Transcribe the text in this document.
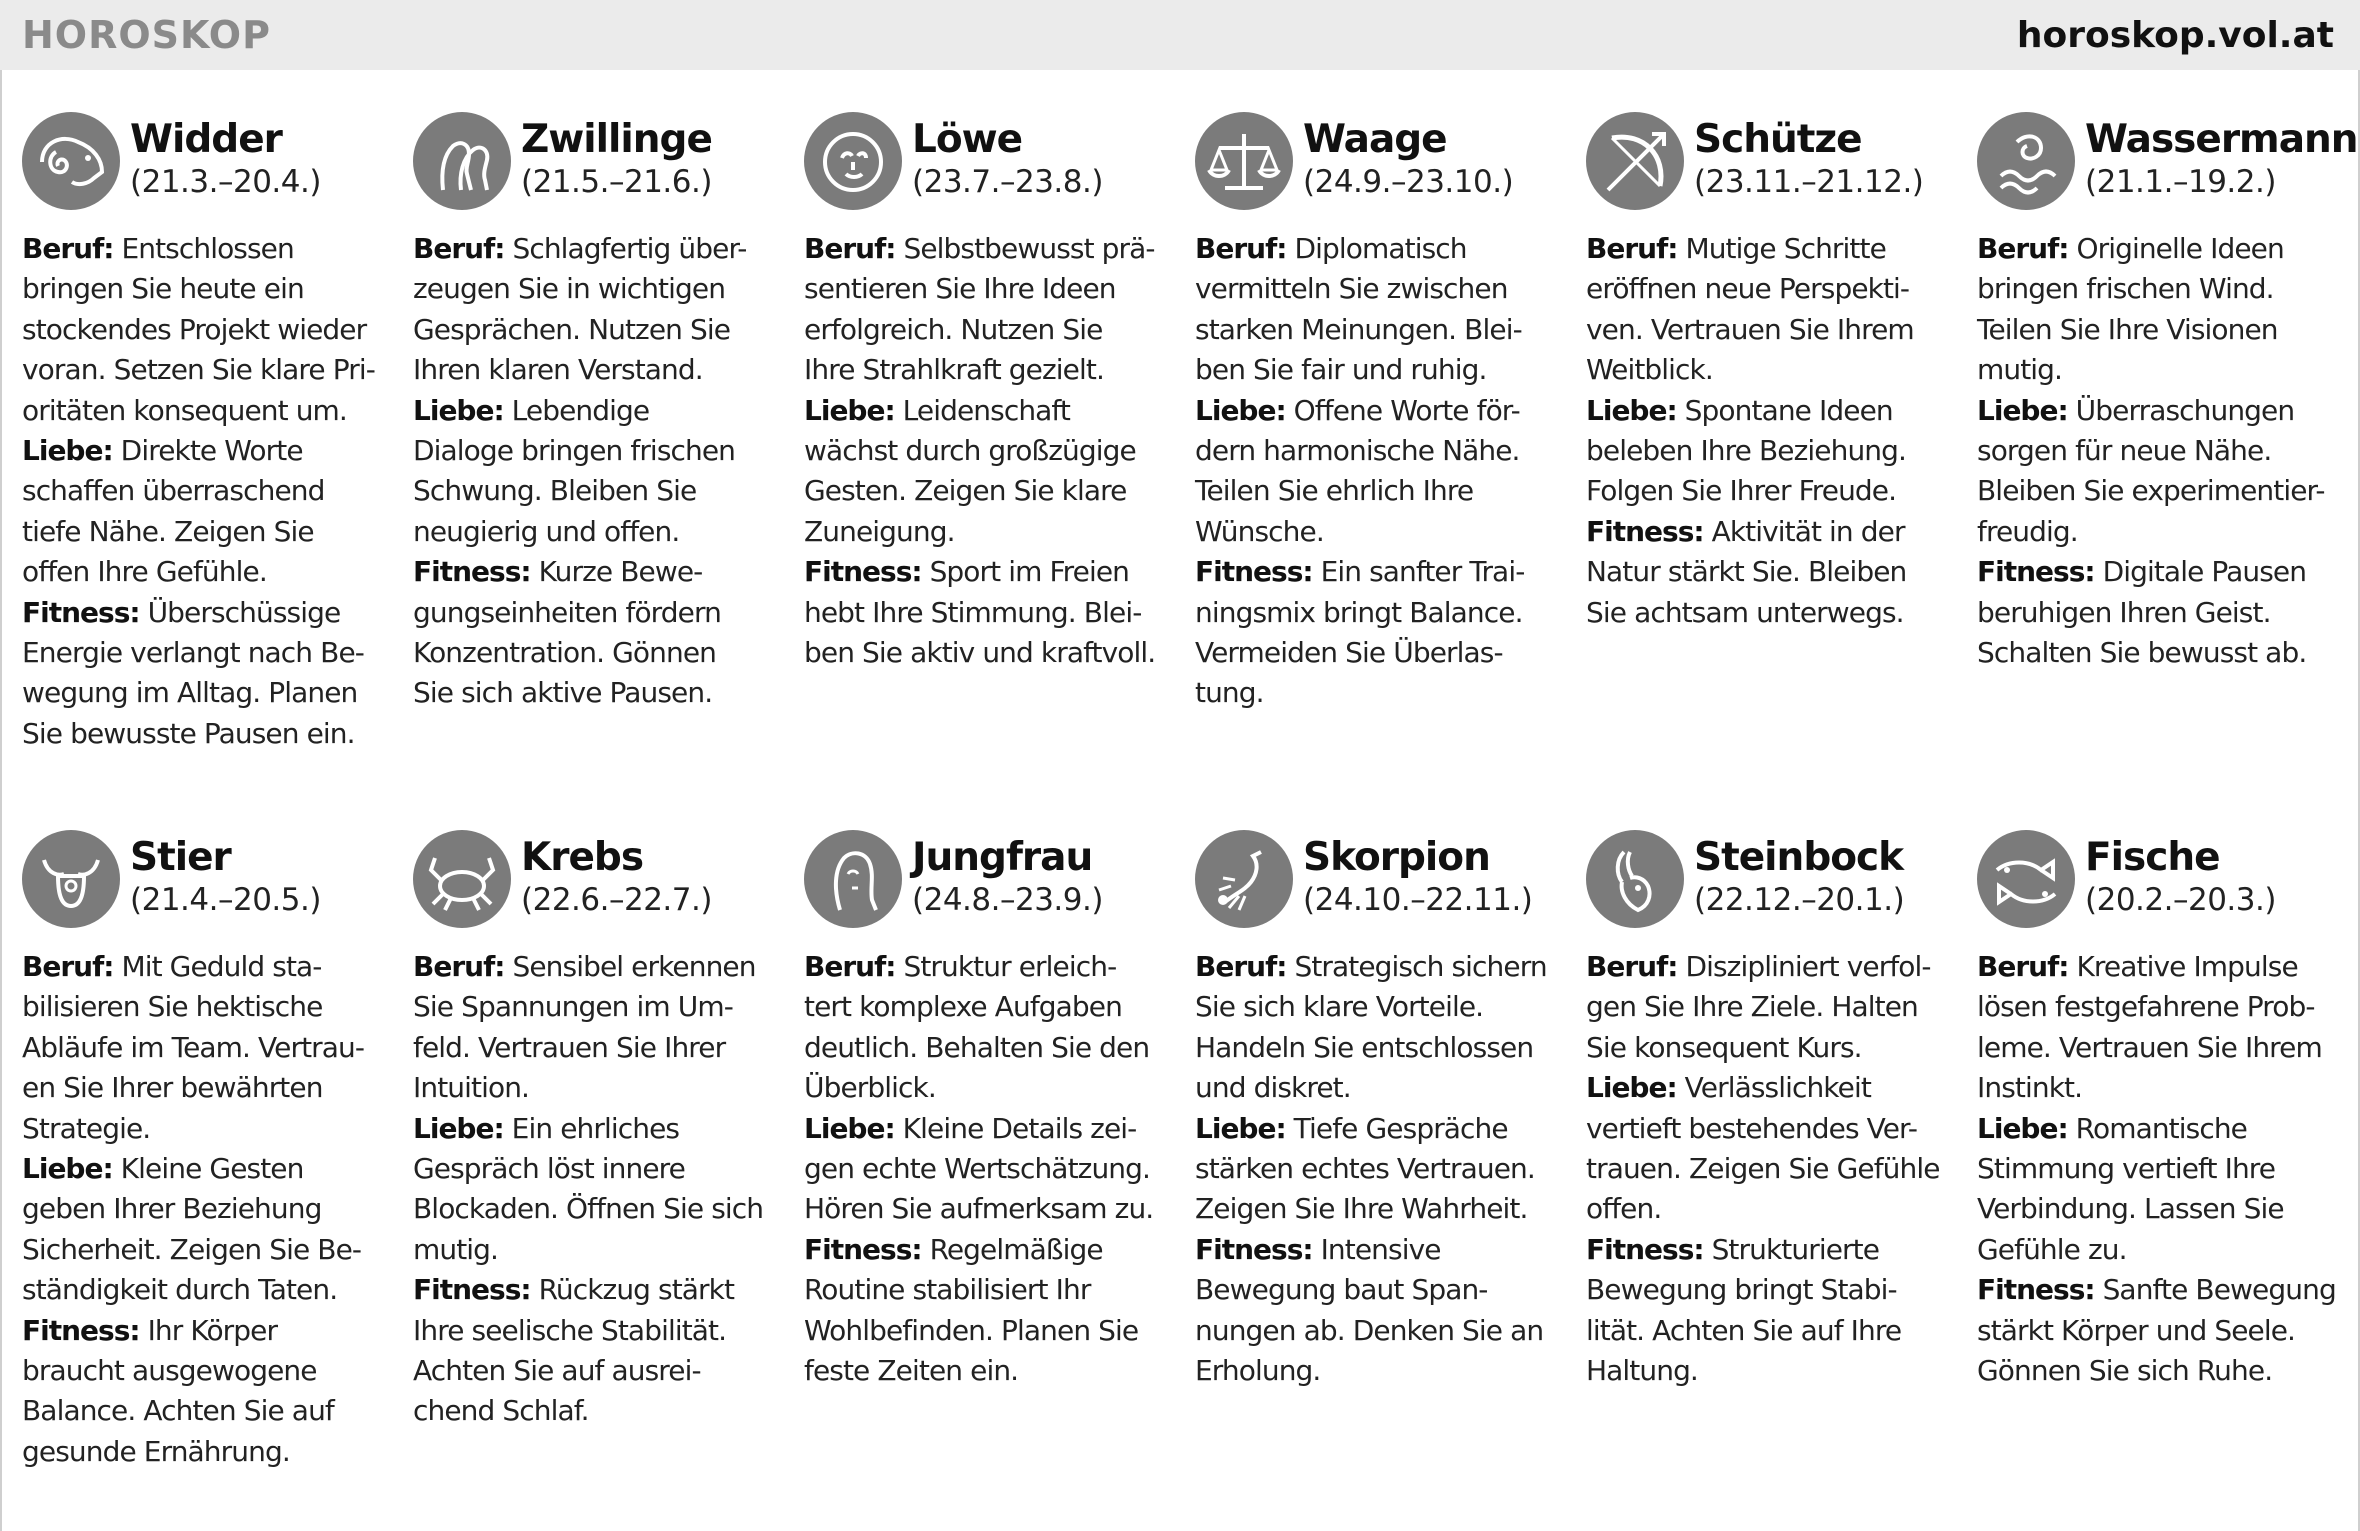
HOROSKOP	horoskop.vol.at
Widder
(21.3.–20.4.)
Beruf: Entschlossen
bringen Sie heute ein
stockendes Projekt wieder
voran. Setzen Sie klare Pri-
oritäten konsequent um.
Liebe: Direkte Worte
schaffen überraschend
tiefe Nähe. Zeigen Sie
offen Ihre Gefühle.
Fitness: Überschüssige
Energie verlangt nach Be-
wegung im Alltag. Planen
Sie bewusste Pausen ein.
Zwillinge
(21.5.–21.6.)
Beruf: Schlagfertig über-
zeugen Sie in wichtigen
Gesprächen. Nutzen Sie
Ihren klaren Verstand.
Liebe: Lebendige
Dialoge bringen frischen
Schwung. Bleiben Sie
neugierig und offen.
Fitness: Kurze Bewe-
gungseinheiten fördern
Konzentration. Gönnen
Sie sich aktive Pausen.
Löwe
(23.7.–23.8.)
Beruf: Selbstbewusst prä-
sentieren Sie Ihre Ideen
erfolgreich. Nutzen Sie
Ihre Strahlkraft gezielt.
Liebe: Leidenschaft
wächst durch großzügige
Gesten. Zeigen Sie klare
Zuneigung.
Fitness: Sport im Freien
hebt Ihre Stimmung. Blei-
ben Sie aktiv und kraftvoll.
Waage
(24.9.–23.10.)
Beruf: Diplomatisch
vermitteln Sie zwischen
starken Meinungen. Blei-
ben Sie fair und ruhig.
Liebe: Offene Worte för-
dern harmonische Nähe.
Teilen Sie ehrlich Ihre
Wünsche.
Fitness: Ein sanfter Trai-
ningsmix bringt Balance.
Vermeiden Sie Überlas-
tung.
Schütze
(23.11.–21.12.)
Beruf: Mutige Schritte
eröffnen neue Perspekti-
ven. Vertrauen Sie Ihrem
Weitblick.
Liebe: Spontane Ideen
beleben Ihre Beziehung.
Folgen Sie Ihrer Freude.
Fitness: Aktivität in der
Natur stärkt Sie. Bleiben
Sie achtsam unterwegs.
Wassermann
(21.1.–19.2.)
Beruf: Originelle Ideen
bringen frischen Wind.
Teilen Sie Ihre Visionen
mutig.
Liebe: Überraschungen
sorgen für neue Nähe.
Bleiben Sie experimentier-
freudig.
Fitness: Digitale Pausen
beruhigen Ihren Geist.
Schalten Sie bewusst ab.
Stier
(21.4.–20.5.)
Beruf: Mit Geduld sta-
bilisieren Sie hektische
Abläufe im Team. Vertrau-
en Sie Ihrer bewährten
Strategie.
Liebe: Kleine Gesten
geben Ihrer Beziehung
Sicherheit. Zeigen Sie Be-
ständigkeit durch Taten.
Fitness: Ihr Körper
braucht ausgewogene
Balance. Achten Sie auf
gesunde Ernährung.
Krebs
(22.6.–22.7.)
Beruf: Sensibel erkennen
Sie Spannungen im Um-
feld. Vertrauen Sie Ihrer
Intuition.
Liebe: Ein ehrliches
Gespräch löst innere
Blockaden. Öffnen Sie sich
mutig.
Fitness: Rückzug stärkt
Ihre seelische Stabilität.
Achten Sie auf ausrei-
chend Schlaf.
Jungfrau
(24.8.–23.9.)
Beruf: Struktur erleich-
tert komplexe Aufgaben
deutlich. Behalten Sie den
Überblick.
Liebe: Kleine Details zei-
gen echte Wertschätzung.
Hören Sie aufmerksam zu.
Fitness: Regelmäßige
Routine stabilisiert Ihr
Wohlbefinden. Planen Sie
feste Zeiten ein.
Skorpion
(24.10.–22.11.)
Beruf: Strategisch sichern
Sie sich klare Vorteile.
Handeln Sie entschlossen
und diskret.
Liebe: Tiefe Gespräche
stärken echtes Vertrauen.
Zeigen Sie Ihre Wahrheit.
Fitness: Intensive
Bewegung baut Span-
nungen ab. Denken Sie an
Erholung.
Steinbock
(22.12.–20.1.)
Beruf: Diszipliniert verfol-
gen Sie Ihre Ziele. Halten
Sie konsequent Kurs.
Liebe: Verlässlichkeit
vertieft bestehendes Ver-
trauen. Zeigen Sie Gefühle
offen.
Fitness: Strukturierte
Bewegung bringt Stabi-
lität. Achten Sie auf Ihre
Haltung.
Fische
(20.2.–20.3.)
Beruf: Kreative Impulse
lösen festgefahrene Prob-
leme. Vertrauen Sie Ihrem
Instinkt.
Liebe: Romantische
Stimmung vertieft Ihre
Verbindung. Lassen Sie
Gefühle zu.
Fitness: Sanfte Bewegung
stärkt Körper und Seele.
Gönnen Sie sich Ruhe.
